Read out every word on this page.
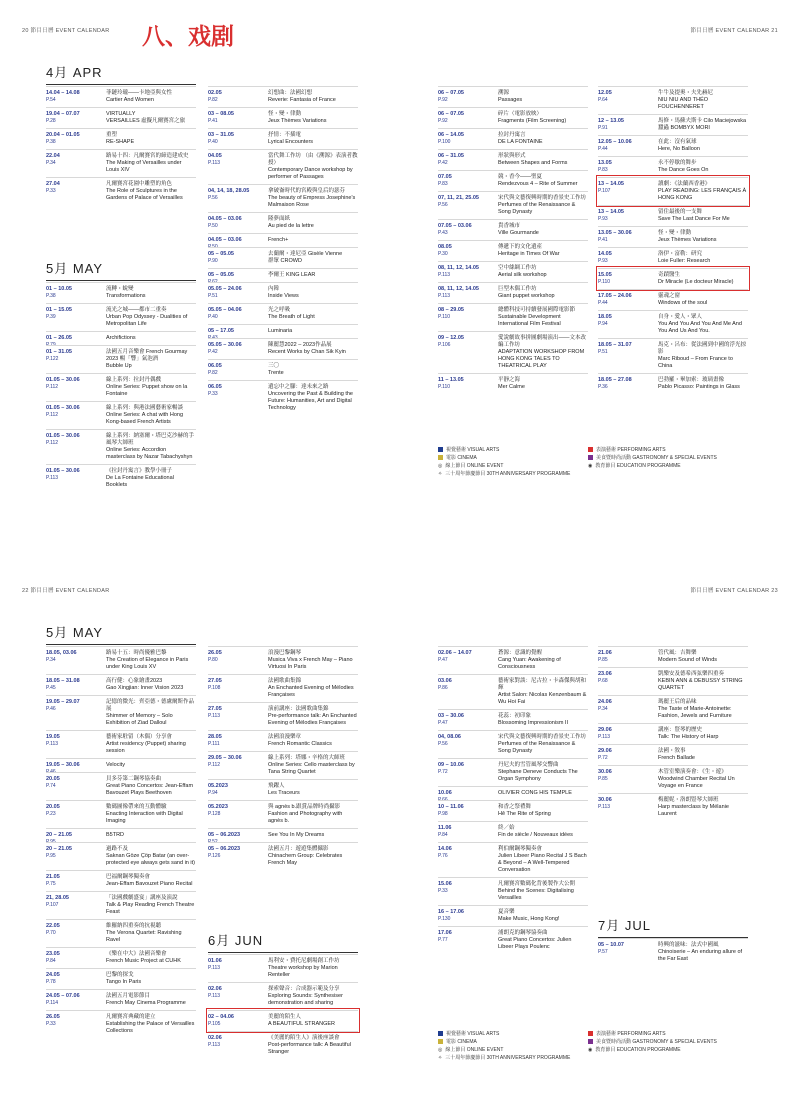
20 節目日曆 EVENT CALENDAR	節目日曆 EVENT CALENDAR 21
八、戏剧
4月 APR
14.04 – 14.08
P.54
菲鏈玲瓏——卡地亞與女性
Cartier And Women
19.04 – 07.07
P.28
VIRTUALLY
VERSAILLES 虛擬凡爾賽宮之旅
20.04 – 01.05
P.38
重塑
RE-SHAPE
22.04
P.34
路易十四：凡爾賽宮的締造建成史
The Making of Versailles under Louis XIV
27.04
P.33
凡爾賽宮花園中雕塑的角色
The Role of Sculptures in the Gardens of Palace of Versailles
5月 MAY
01 – 10.05
P.38
流轉・蛻變
Transformations
01 – 15.05
P.39
流光之城——都市二重奏
Urban Pop Odyssey - Dualities of Metropolitan Life
01 – 26.05
P.79
Archifictions
01 – 31.05
P.122
法國五月音樂會 French Gourmay 2023 暢「響」氣泡酒
Bubble Up
01.05 – 30.06
P.112
線上系列：拉封丹偶戲
Online Series: Puppet show on la Fontaine
01.05 – 30.06
P.112
線上系列：與港法國藝術家暢談
Online Series: A chat with Hong Kong-based French Artists
01.05 – 30.06
P.112
線上系列：納塞爾・塔巴克沙赫的手風琴大師班
Online Series: Accordion masterclass by Nazar Tabachyshyn
01.05 – 30.06
P.113
《拉封丹寓言》教學小冊子
De La Fontaine Educational Booklets
02.05
P.82
幻想曲：法國幻想
Reverie: Fantasia of France
03 – 08.05
P.41
怪・變・律動
Jeux Thèmes Variations
03 – 31.05
P.40
抒情：不插電
Lyrical Encounters
04.05
P.113
當代舞工作坊 （由《溯源》表演者教授）
Contemporary Dance workshop by performer of Passages
04, 14, 18, 28.05
P.56
拿破崙時代的宮殿與皇后約瑟芬
The beauty of Empress Josephine's Malmaison Rose
04.05 – 03.06
P.50
隆夢面紙
Au pied de la lettre
04.05 – 03.06
P.50
French+
05 – 05.05
P.90
去蘭爾・達尼亞 Gisèle Vienne
群眾 CROWD
05 – 05.05
P.62
李爾王 KING LEAR
05.05 – 24.06
P.51
內韓
Inside Views
05.05 – 04.06
P.40
光之呼吸
The Breath of Light
05 – 17.05
P.43
Luminaria
05.05 – 30.06
P.42
陳麗慧2022 – 2023作品展
Recent Works by Chan Sik Kyin
06.05
P.82
三〇
Trente
06.05
P.33
遺忘中之腳：達未來之路
Uncovering the Past & Building the Future: Humanities, Art and Digital Technology
06 – 07.05
P.92
溯源
Passages
06 – 07.05
P.92
碎片（電影放映）
Fragments (Film Screening)
06 – 14.05
P.100
拉封丹寓言
DE LA FONTAINE
06 – 31.05
P.42
形狀與形式
Between Shapes and Forms
07.05
P.83
競・香今——聖夏
Rendezvous 4 – Rite of Summer
07, 11, 21, 25.05
P.56
宋代與文藝復興時期的香景史工作坊
Perfumes of the Renaissance & Song Dynasty
07.05 – 03.06
P.43
貴香城市
Ville Gourmande
08.05
P.30
傳遞下的文化遺產
Heritage in Times Of War
08, 11, 12, 14.05
P.113
空中絲綢工作坊
Aerial silk workshop
08, 11, 12, 14.05
P.113
巨型木偶工作坊
Giant puppet workshop
08 – 29.05
P.110
總體科技可持續發展國際電影節
Sustainable Development International Film Festival
09 – 12.05
P.106
愛說劇故事拼圖劇場演出——文本改編工作坊
ADAPTATION WORKSHOP FROM HONG KONG TALES TO THEATRICAL PLAY
11 – 13.05
P.110
平靜之海
Mer Calme
12.05
P.64
牛牛及提奧・夫先赫尼
NIU NIU AND THÉO FOUCHENNERET
12 – 13.05
P.91
馬修・馬蘇夫斯卡 Cilo Maciejowska
蠶蟲 BOMBYX MORI
12.05 – 10.06
P.44
在此：沒有氣球
Here, No Balloon
13.05
P.83
永不停歇的舞步
The Dance Goes On
13 – 14.05
P.107
讀劇：《法蘭西香港》
PLAY READING: LES FRANÇAIS À HONG KONG
13 – 14.05
P.93
留住最後的一支舞
Save The Last Dance For Me
13.05 – 30.06
P.41
怪・變・律動
Jeux Thèmes Variations
14.05
P.93
洛伊・富勒：研究
Loie Fuller: Research
15.05
P.110
奇蹟醫生
Dr Miracle (Le docteur Miracle)
17.05 – 24.06
P.44
靈魂之窗
Windows of the soul
18.05
P.94
自身・愛人・眾人
You And You And You And Me And You And Us And You.
18.05 – 31.07
P.51
馬克・呂布：從法國到中國的浮光掠影
Marc Riboud – From France to China
18.05 – 27.08
P.36
巴勃羅・畢加索：玻璃畫像
Pablo Picasso: Paintings in Glass
視覺藝術 VISUAL ARTS	表演藝術 PERFORMING ARTS電影 CINEMA	美食暨時尚活動 GASTRONOMY & SPECIAL EVENTS◎ 線上節目 ONLINE EVENT	◉ 教育節目 EDUCATION PROGRAMME✧ 三十周年節慶節目 30TH ANNIVERSARY PROGRAMME
22 節目日曆 EVENT CALENDAR	節目日曆 EVENT CALENDAR 23
5月 MAY
18.05, 03.06
P.34
路易十五：時尚優雅巴黎
The Creation of Elegance in Paris under King Louis XV
18.05 – 31.08
P.45
高行健：心象繪畫2023
Gao Xingjian: Inner Vision 2023
19.05 – 29.07
P.46
記憶的微光：齊亞德・德盧爾斯作品展
Shimmer of Memory – Solo Exhibition of Ziad Dalloul
19.05
P.113
藝術家駐留（木偶）分享會
Artist residency (Puppet) sharing session
19.05 – 30.06
P.46
Velocity
20.05
P.74
貝多芬第二鋼琴協奏曲
Great Piano Concertos: Jean-Effam Bavouzet Plays Beethoven
20.05
P.23
數碼圖像帶來的互動體驗
Enacting Interaction with Digital Imaging
20 – 21.05
P.95
B5TRD
20 – 21.05
P.95
過路不及
Saknan Göze Çöp Batar (an over-protected eye always gets sand in it)
21.05
P.75
巴福爾鋼琴獨奏會
Jean-Effam Bavouzet Piano Recital
21, 28.05
P.107
「法國戲劇盛宴」講座及演說
Talk & Play Reading French Theatre Feast
22.05
P.70
維羅納四重奏的抗視聽
The Verona Quartet: Ravishing Ravel
23.05
P.84
《樂在中大》法國音樂會
French Music Project at CUHK
24.05
P.78
巴黎的探戈
Tango In Paris
24.05 – 07.06
P.114
法國五月電影節目
French May Cinema Programme
26.05
P.33
凡爾賽宮典藏的建立
Establishing the Palace of Versailles Collections
26.05
P.80
浪漫巴黎鋼琴
Musica Viva x French May – Piano Virtuosi In Paris
27.05
P.108
法國歌曲集錦
An Enchanted Evening of Mélodies Françaises
27.05
P.113
演前講座：法國歌曲集錦
Pre-performance talk: An Enchanted Evening of Mélodies Françaises
28.05
P.111
法國浪漫樂章
French Romantic Classics
29.05 – 30.06
P.112
線上系列：塔娜・辛格的大師班
Online Series: Cello masterclass by Tana String Quartet
05.2023
P.94
飛躍人
Les Traceurs
05.2023
P.128
與 agnès b.跟賞品牌時尚攝影
Fashion and Photography with agnès b.
05 – 06.2023
P.52
See You In My Dreams
05 – 06.2023
P.126
法國五月：遊遊集體攝影
Chinachem Group: Celebrates French May
6月 JUN
01.06
P.113
馬利安・費托尼劇場創工作坊
Theatre workshop by Marion Renteller
02.06
P.113
探索聲音：合成器示範及分享
Exploring Sounds: Synthesiser demonstration and sharing
02 – 04.06
P.105
美麗的陌生人
A BEAUTIFUL STRANGER
02.06
P.113
《美麗的陌生人》演後座談會
Post-performance talk: A Beautiful Stranger
02.06 – 14.07
P.47
蒼源：意識的覺醒
Cang Yuan: Awakening of Consciousness
03.06
P.86
藝術家對談：尼古拉・卡森傑與胡和輝
Artist Salon: Nicolas Kenzenbaum & Wu Hoi Fai
03 – 30.06
P.47
花蕊：初印象
Blossoming Impressionism II
04, 08.06
P.56
宋代與文藝復興時期的香景史工作坊
Perfumes of the Renaissance & Song Dynasty
09 – 10.06
P.72
丹尼夫的雪管風琴交響曲
Stephane Deneve Conducts The Organ Symphony
10.06
P.66
OLIVIER CONG HIS TEMPLE
10 – 11.06
P.98
和香之祭禮舞
Hê The Rite of Spring
11.06
P.84
終／始
Fin de siècle / Nouveaux idées
14.06
P.76
利伯爾鋼琴獨奏會
Julien Libeer Piano Recital J S Bach & Beyond – A Well-Tempered Conversation
15.06
P.33
凡爾賽宮數碼化背後製作大公開
Behind the Scenes: Digitalising Versailles
16 – 17.06
P.130
夏音樂
Make Music, Hong Kong!
17.06
P.77
浦朗克的鋼琴協奏曲
Great Piano Concertos: Julien Libeer Plays Poulenc
21.06
P.85
管代風：吉舞樂
Modern Sound of Winds
23.06
P.68
凱樂安及德希西弦樂四重奏
KEBIN ANN & DEBUSSY STRING QUARTET
24.06
P.34
瑪麗王后的品味
The Taste of Marie-Antoinette: Fashion, Jewels and Furniture
29.06
P.113
講座：豎琴的歷史
Talk: The History of Harp
29.06
P.72
法國・敘事
French Ballade
30.06
P.85
木管室樂演奏會：《生・遊》
Woodwind Chamber Recital Un Voyage en France
30.06
P.113
梅麗妮・洛朗豎琴大師班
Harp masterclass by Mélanie Laurent
7月 JUL
05 – 10.07
P.57
時興的滋味：法式中國風
Chinoiserie – An enduring allure of the Far East
視覺藝術 VISUAL ARTS	表演藝術 PERFORMING ARTS電影 CINEMA	美食暨時尚活動 GASTRONOMY & SPECIAL EVENTS◎ 線上節目 ONLINE EVENT	◉ 教育節目 EDUCATION PROGRAMME✧ 三十周年節慶節目 30TH ANNIVERSARY PROGRAMME
